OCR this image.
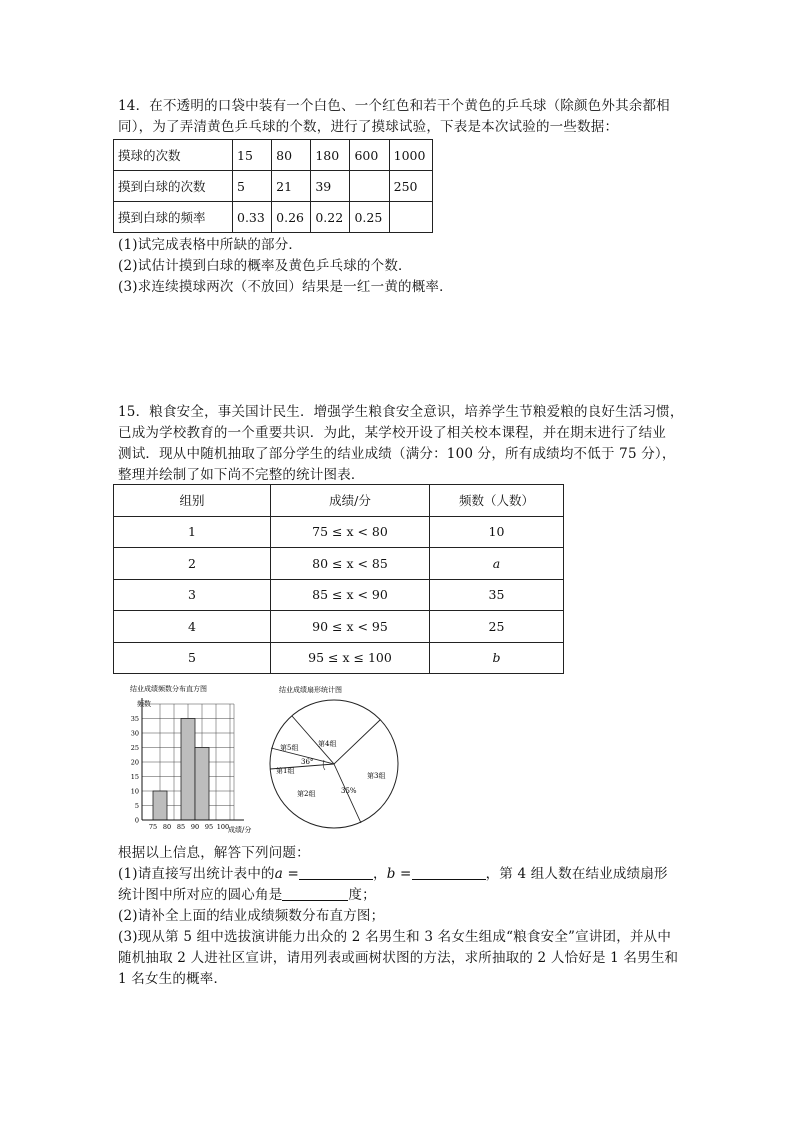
14．在不透明的口袋中装有一个白色、一个红色和若干个黄色的乒乓球（除颜色外其余都相
同），为了弄清黄色乒乓球的个数，进行了摸球试验，下表是本次试验的一些数据：
摸球的次数	15	80	180	600	1000
摸到白球的次数	5	21	39		250
摸到白球的频率	0.33	0.26	0.22	0.25	
(1)试完成表格中所缺的部分．
(2)试估计摸到白球的概率及黄色乒乓球的个数．
(3)求连续摸球两次（不放回）结果是一红一黄的概率．
15．粮食安全，事关国计民生．增强学生粮食安全意识，培养学生节粮爱粮的良好生活习惯，
已成为学校教育的一个重要共识．为此，某学校开设了相关校本课程，并在期末进行了结业
测试．现从中随机抽取了部分学生的结业成绩（满分：100 分，所有成绩均不低于 75 分），
整理并绘制了如下尚不完整的统计图表．
组别	成绩/分	频数（人数）
1	75 ≤ x < 80	10
2	80 ≤ x < 85	a
3	85 ≤ x < 90	35
4	90 ≤ x < 95	25
5	95 ≤ x ≤ 100	b
结业成绩频数分布直方图
频数
0
5
10
15
20
25
30
35
75 80 85 90 95 100
成绩/分
结业成绩扇形统计图
第5组	第4组
第1组
第2组
第3组
36°
35%
根据以上信息，解答下列问题：
(1)请直接写出统计表中的a =	，b =	，第 4 组人数在结业成绩扇形
统计图中所对应的圆心角是	度；
(2)请补全上面的结业成绩频数分布直方图；
(3)现从第 5 组中选拔演讲能力出众的 2 名男生和 3 名女生组成“粮食安全”宣讲团，并从中
随机抽取 2 人进社区宣讲，请用列表或画树状图的方法，求所抽取的 2 人恰好是 1 名男生和
1 名女生的概率．
